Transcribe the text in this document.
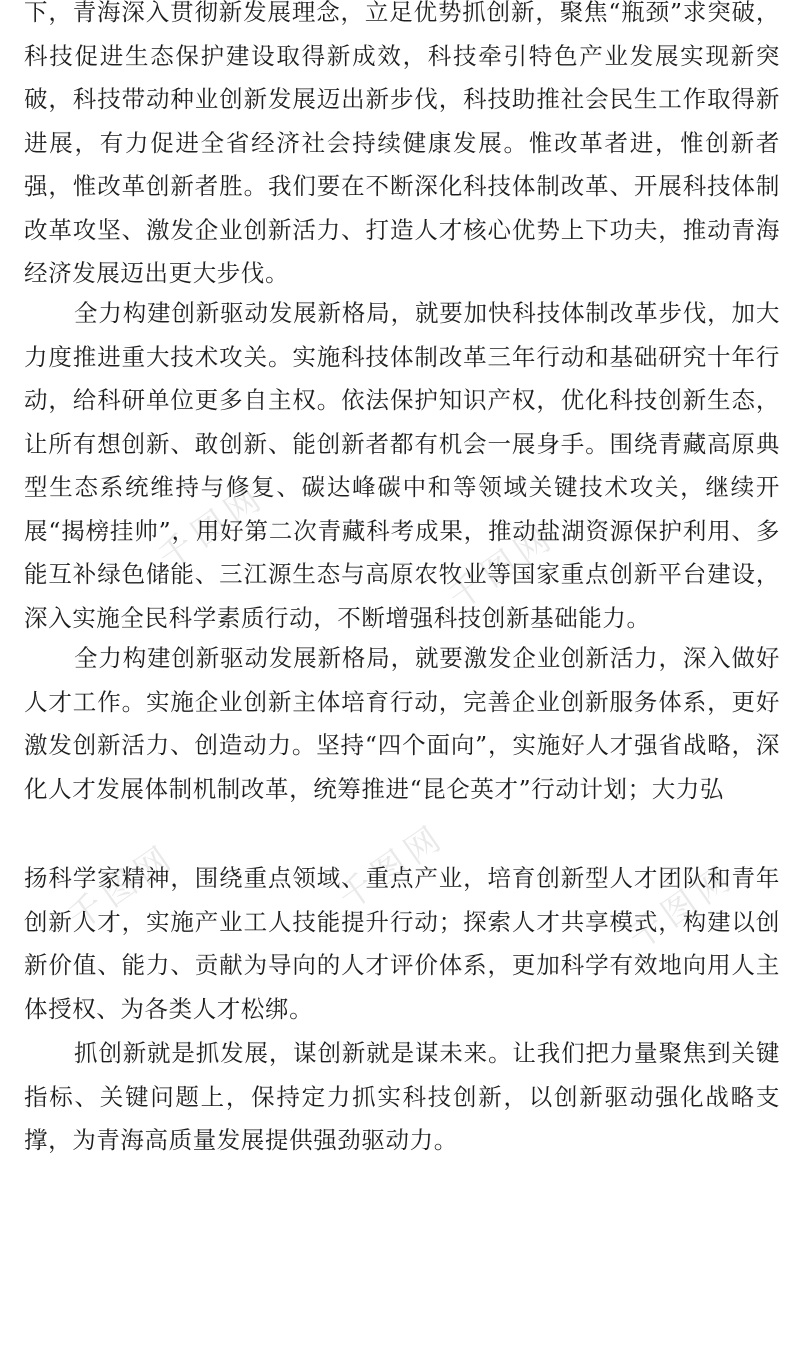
千图网	千图网
千图网	千图网	千图网

下，青海深入贯彻新发展理念，立足优势抓创新，聚焦“瓶颈”求突破，科技促进生态保护建设取得新成效，科技牵引特色产业发展实现新突破，科技带动种业创新发展迈出新步伐，科技助推社会民生工作取得新进展，有力促进全省经济社会持续健康发展。惟改革者进，惟创新者强，惟改革创新者胜。我们要在不断深化科技体制改革、开展科技体制改革攻坚、激发企业创新活力、打造人才核心优势上下功夫，推动青海经济发展迈出更大步伐。

全力构建创新驱动发展新格局，就要加快科技体制改革步伐，加大力度推进重大技术攻关。实施科技体制改革三年行动和基础研究十年行动，给科研单位更多自主权。依法保护知识产权，优化科技创新生态，让所有想创新、敢创新、能创新者都有机会一展身手。围绕青藏高原典型生态系统维持与修复、碳达峰碳中和等领域关键技术攻关，继续开展“揭榜挂帅”，用好第二次青藏科考成果，推动盐湖资源保护利用、多能互补绿色储能、三江源生态与高原农牧业等国家重点创新平台建设，深入实施全民科学素质行动，不断增强科技创新基础能力。

全力构建创新驱动发展新格局，就要激发企业创新活力，深入做好人才工作。实施企业创新主体培育行动，完善企业创新服务体系，更好激发创新活力、创造动力。坚持“四个面向”，实施好人才强省战略，深化人才发展体制机制改革，统筹推进“昆仑英才”行动计划；大力弘

扬科学家精神，围绕重点领域、重点产业，培育创新型人才团队和青年创新人才，实施产业工人技能提升行动；探索人才共享模式，构建以创新价值、能力、贡献为导向的人才评价体系，更加科学有效地向用人主体授权、为各类人才松绑。

抓创新就是抓发展，谋创新就是谋未来。让我们把力量聚焦到关键指标、关键问题上，保持定力抓实科技创新，以创新驱动强化战略支撑，为青海高质量发展提供强劲驱动力。
